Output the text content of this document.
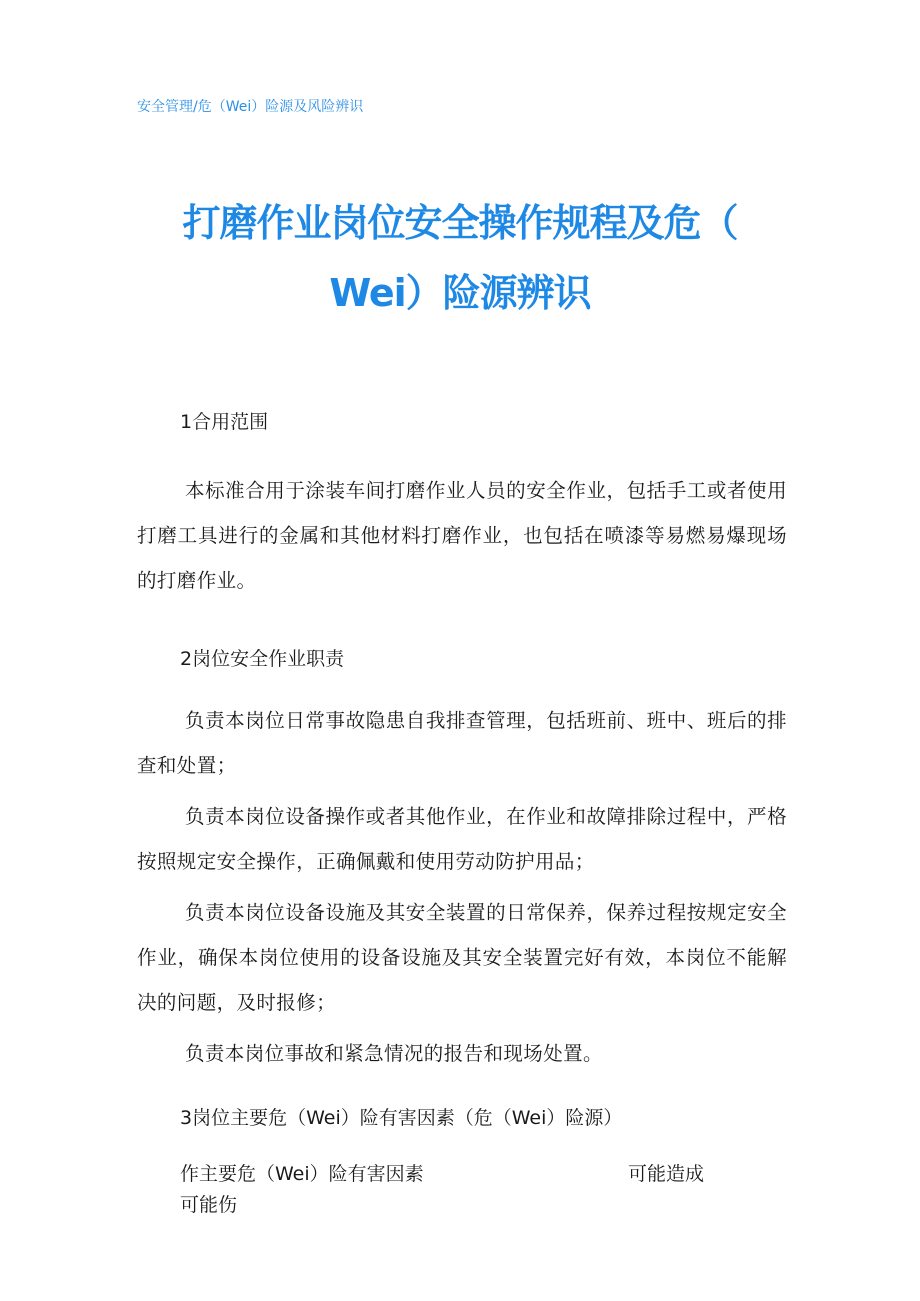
安全管理/危（Wei）险源及风险辨识
打磨作业岗位安全操作规程及危（
Wei）险源辨识
1合用范围
本标准合用于涂装车间打磨作业人员的安全作业，包括手工或者使用打磨工具进行的金属和其他材料打磨作业，也包括在喷漆等易燃易爆现场的打磨作业。
2岗位安全作业职责
负责本岗位日常事故隐患自我排查管理，包括班前、班中、班后的排查和处置；
负责本岗位设备操作或者其他作业，在作业和故障排除过程中，严格按照规定安全操作，正确佩戴和使用劳动防护用品；
负责本岗位设备设施及其安全装置的日常保养，保养过程按规定安全作业，确保本岗位使用的设备设施及其安全装置完好有效，本岗位不能解决的问题，及时报修；
负责本岗位事故和紧急情况的报告和现场处置。
3岗位主要危（Wei）险有害因素（危（Wei）险源）
作主要危（Wei）险有害因素	可能造成
可能伤
